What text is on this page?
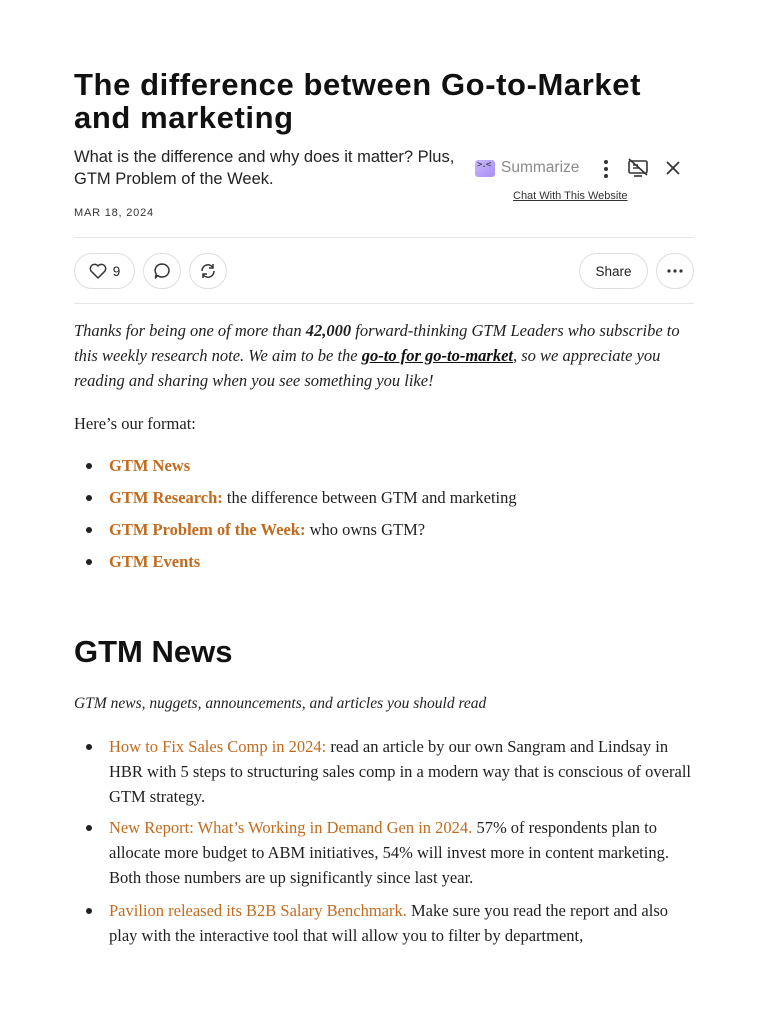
The difference between Go-to-Market and marketing
What is the difference and why does it matter? Plus, GTM Problem of the Week.
MAR 18, 2024
>.<
Summarize
Chat With This Website
9	Share

Thanks for being one of more than 42,000 forward-thinking GTM Leaders who subscribe to this weekly research note. We aim to be the go-to for go-to-market, so we appreciate you reading and sharing when you see something you like!

Here’s our format:

GTM News
GTM Research: the difference between GTM and marketing
GTM Problem of the Week: who owns GTM?
GTM Events
GTM News

GTM news, nuggets, announcements, and articles you should read

How to Fix Sales Comp in 2024: read an article by our own Sangram and Lindsay in HBR with 5 steps to structuring sales comp in a modern way that is conscious of overall GTM strategy.
New Report: What’s Working in Demand Gen in 2024. 57% of respondents plan to allocate more budget to ABM initiatives, 54% will invest more in content marketing. Both those numbers are up significantly since last year.
Pavilion released its B2B Salary Benchmark. Make sure you read the report and also play with the interactive tool that will allow you to filter by department,
